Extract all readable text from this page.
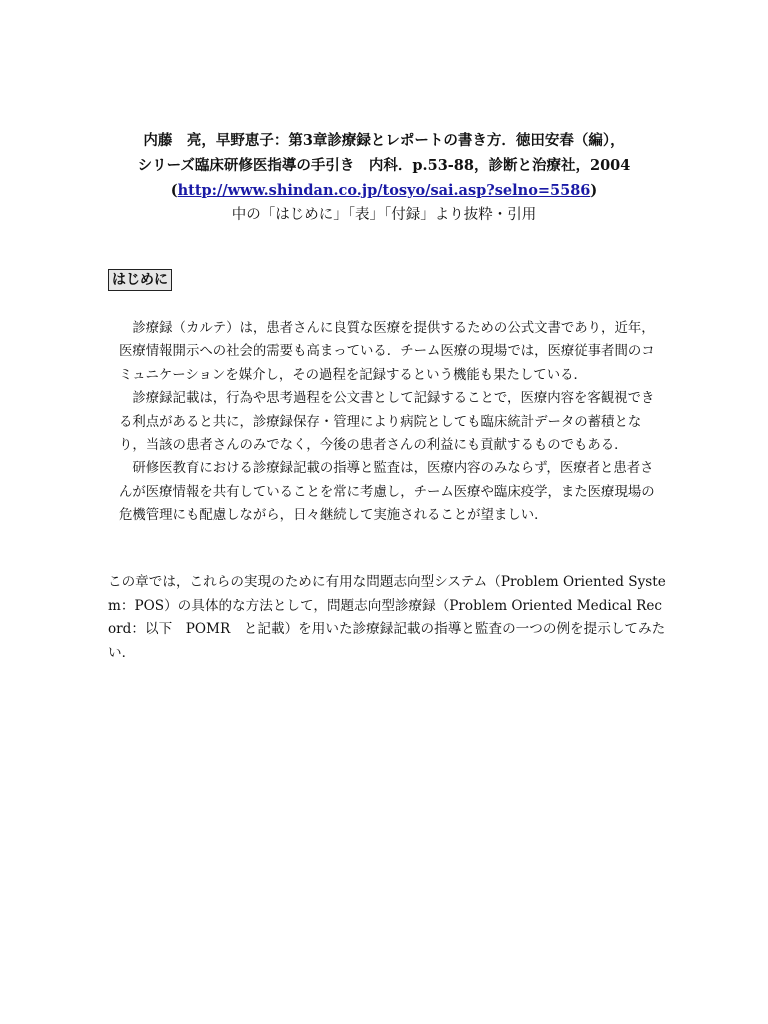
内藤　亮，早野恵子：第3章診療録とレポートの書き方．徳田安春（編），
シリーズ臨床研修医指導の手引き　内科．p.53-88，診断と治療社，2004
(http://www.shindan.co.jp/tosyo/sai.asp?selno=5586)
中の「はじめに」「表」「付録」より抜粋・引用
はじめに

診療録（カルテ）は，患者さんに良質な医療を提供するための公式文書であり，近年，医療情報開示への社会的需要も高まっている．チーム医療の現場では，医療従事者間のコミュニケーションを媒介し，その過程を記録するという機能も果たしている．

診療録記載は，行為や思考過程を公文書として記録することで，医療内容を客観視できる利点があると共に，診療録保存・管理により病院としても臨床統計データの蓄積となり，当該の患者さんのみでなく，今後の患者さんの利益にも貢献するものでもある．

研修医教育における診療録記載の指導と監査は，医療内容のみならず，医療者と患者さんが医療情報を共有していることを常に考慮し，チーム医療や臨床疫学，また医療現場の危機管理にも配慮しながら，日々継続して実施されることが望ましい．

この章では，これらの実現のために有用な問題志向型システム（Problem Oriented System：POS）の具体的な方法として，問題志向型診療録（Problem Oriented Medical Record：以下　POMR　と記載）を用いた診療録記載の指導と監査の一つの例を提示してみたい．
